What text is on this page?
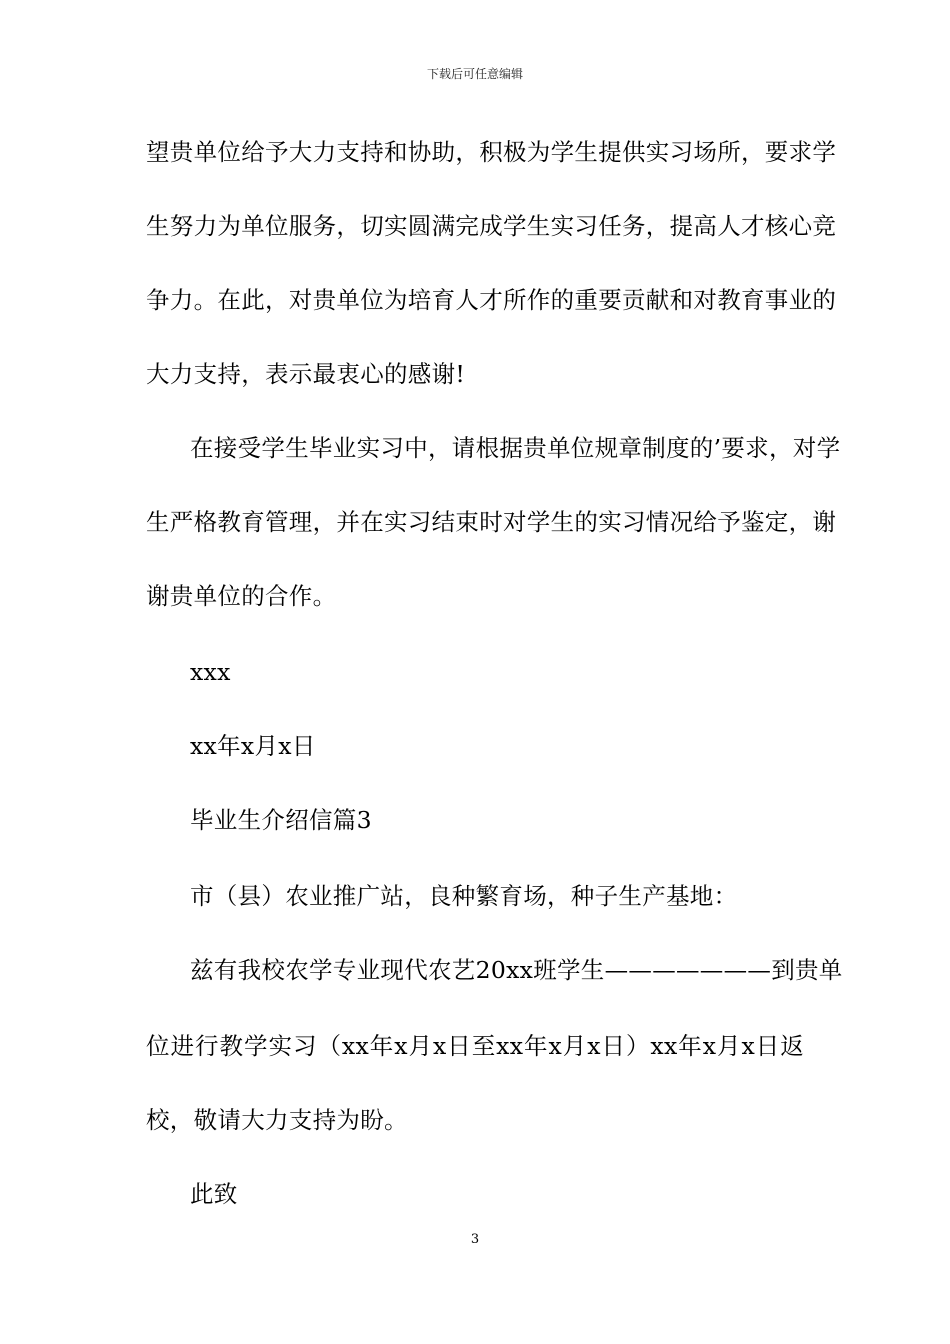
下载后可任意编辑
望贵单位给予大力支持和协助，积极为学生提供实习场所，要求学
生努力为单位服务，切实圆满完成学生实习任务，提高人才核心竞
争力。在此，对贵单位为培育人才所作的重要贡献和对教育事业的
大力支持，表示最衷心的感谢!
在接受学生毕业实习中，请根据贵单位规章制度的’要求，对学
生严格教育管理，并在实习结束时对学生的实习情况给予鉴定，谢
谢贵单位的合作。
xxx
xx年x月x日
毕业生介绍信篇3
市（县）农业推广站，良种繁育场，种子生产基地：
兹有我校农学专业现代农艺20xx班学生———————到贵单
位进行教学实习（xx年x月x日至xx年x月x日）xx年x月x日返
校，敬请大力支持为盼。
此致
3
